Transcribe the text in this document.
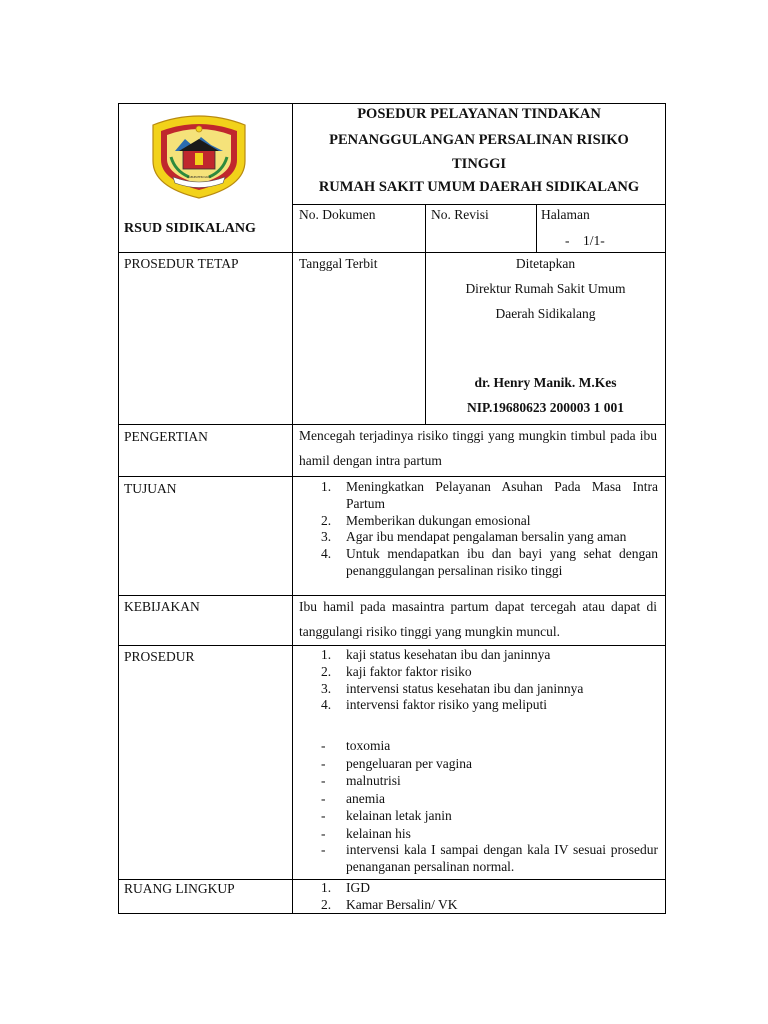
KABUPATEN DAIRI
RSUD SIDIKALANG
POSEDUR PELAYANAN TINDAKAN
PENANGGULANGAN PERSALINAN RISIKO
TINGGI
RUMAH SAKIT UMUM DAERAH SIDIKALANG
No. Dokumen	No. Revisi	Halaman
-    1/1-
PROSEDUR TETAP	Tanggal Terbit	Ditetapkan
Direktur Rumah Sakit Umum
Daerah Sidikalang
dr. Henry Manik. M.Kes
NIP.19680623 200003 1 001
PENGERTIAN	Mencegah terjadinya risiko tinggi yang mungkin timbul pada ibu hamil dengan intra partum
TUJUAN	1. Meningkatkan Pelayanan Asuhan Pada Masa Intra Partum
2. Memberikan dukungan emosional
3. Agar ibu mendapat pengalaman bersalin yang aman
4. Untuk mendapatkan ibu dan bayi yang sehat dengan penanggulangan persalinan risiko tinggi
KEBIJAKAN	Ibu hamil pada masaintra partum dapat tercegah atau dapat di tanggulangi risiko tinggi yang mungkin muncul.
PROSEDUR	1. kaji status kesehatan ibu dan janinnya
2. kaji faktor faktor risiko
3. intervensi status kesehatan ibu dan janinnya
4. intervensi faktor risiko yang meliputi
- toxomia
- pengeluaran per vagina
- malnutrisi
- anemia
- kelainan letak janin
- kelainan his
- intervensi kala I sampai dengan kala IV sesuai prosedur penanganan persalinan normal.
RUANG LINGKUP	1. IGD
2. Kamar Bersalin/ VK
